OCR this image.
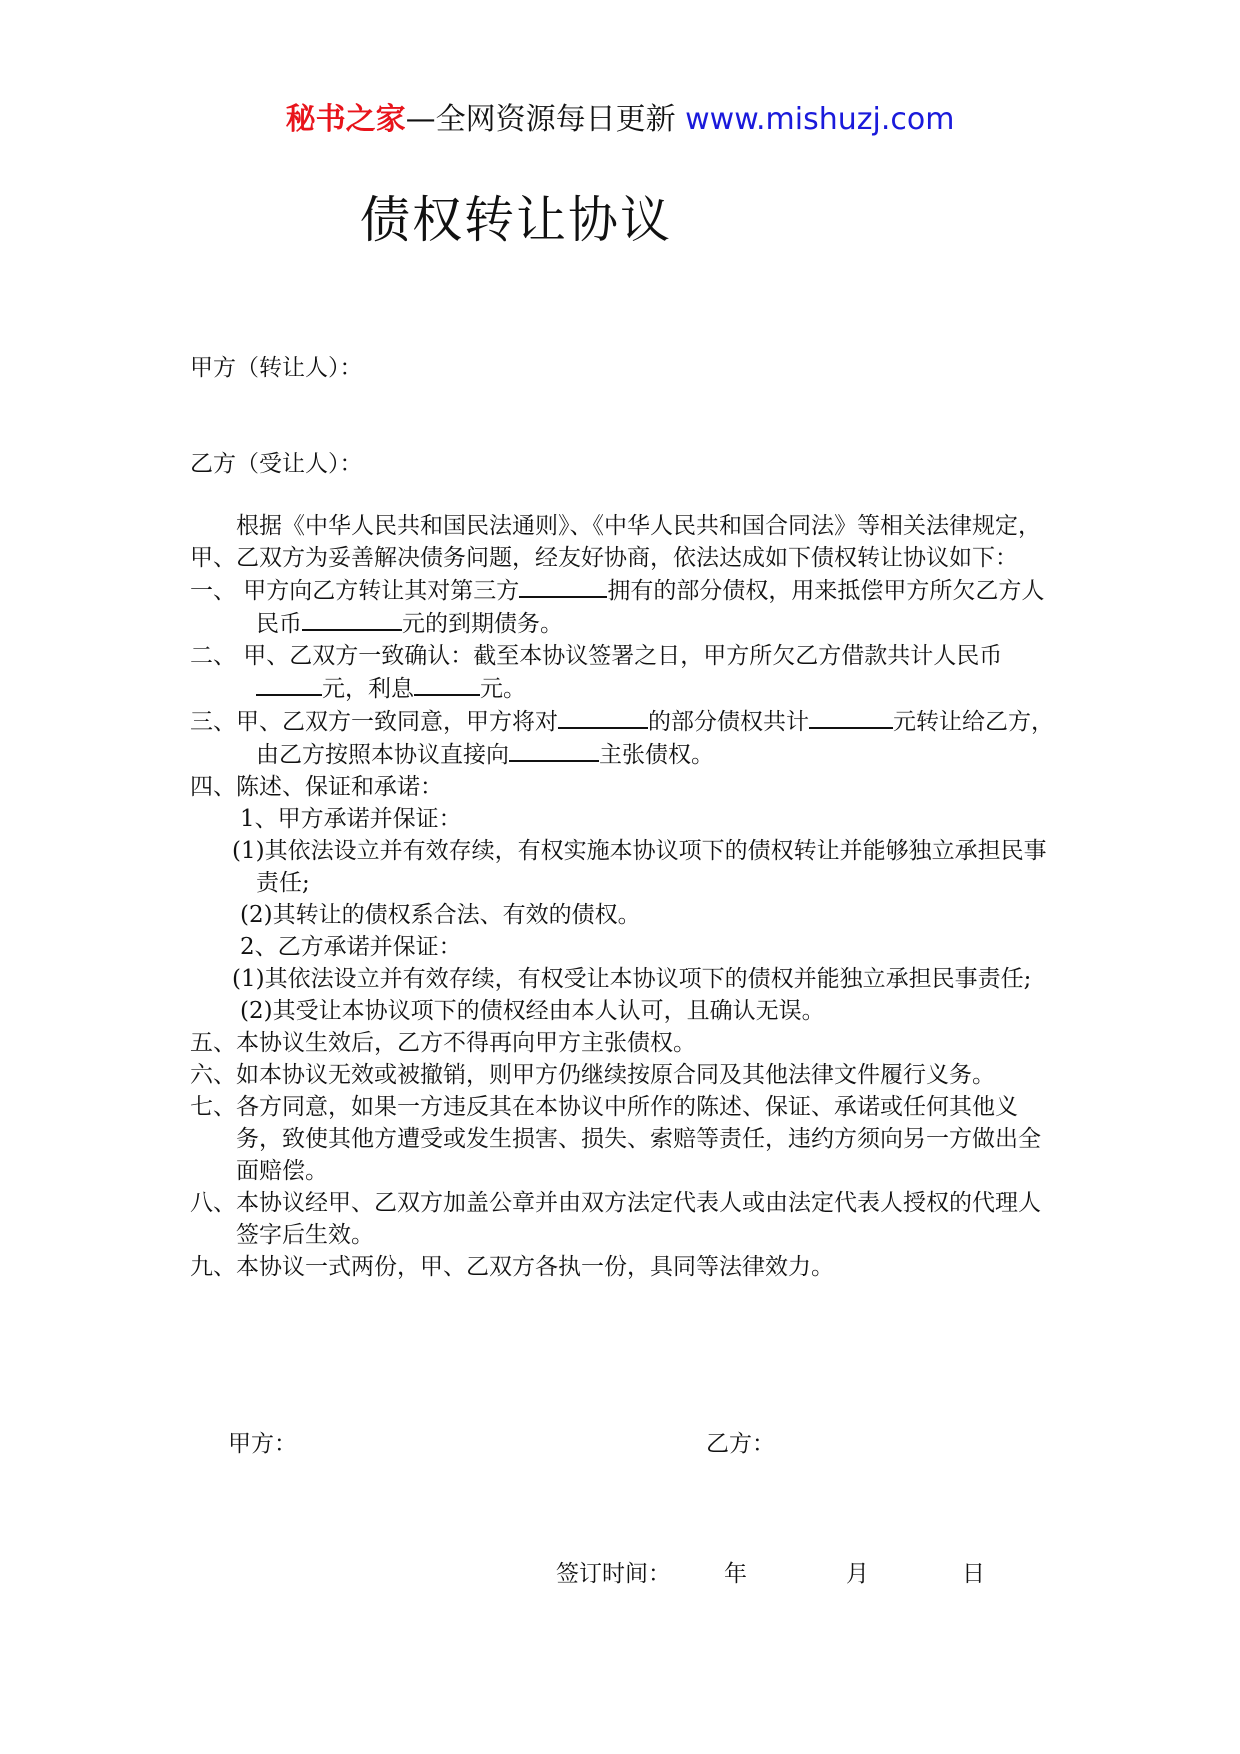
秘书之家—全网资源每日更新 www.mishuzj.com
债权转让协议
甲方（转让人）：
乙方（受让人）：

根据《中华人民共和国民法通则》、《中华人民共和国合同法》等相关法律规定，甲、乙双方为妥善解决债务问题，经友好协商，依法达成如下债权转让协议如下：

一、 甲方向乙方转让其对第三方	拥有的部分债权，用来抵偿甲方所欠乙方人民币	元的到期债务。

二、 甲、乙双方一致确认：截至本协议签署之日，甲方所欠乙方借款共计人民币元，利息	元。

三、甲、乙双方一致同意，甲方将对	的部分债权共计	元转让给乙方，由乙方按照本协议直接向	主张债权。

四、陈述、保证和承诺：

1、甲方承诺并保证：

(1)其依法设立并有效存续，有权实施本协议项下的债权转让并能够独立承担民事责任;

(2)其转让的债权系合法、有效的债权。

2、乙方承诺并保证：

(1)其依法设立并有效存续，有权受让本协议项下的债权并能独立承担民事责任;

(2)其受让本协议项下的债权经由本人认可，且确认无误。

五、本协议生效后，乙方不得再向甲方主张债权。

六、如本协议无效或被撤销，则甲方仍继续按原合同及其他法律文件履行义务。

七、各方同意，如果一方违反其在本协议中所作的陈述、保证、承诺或任何其他义务，致使其他方遭受或发生损害、损失、索赔等责任，违约方须向另一方做出全面赔偿。

八、本协议经甲、乙双方加盖公章并由双方法定代表人或由法定代表人授权的代理人签字后生效。

九、本协议一式两份，甲、乙双方各执一份，具同等法律效力。

甲方：	乙方：
签订时间： 年	月	日
